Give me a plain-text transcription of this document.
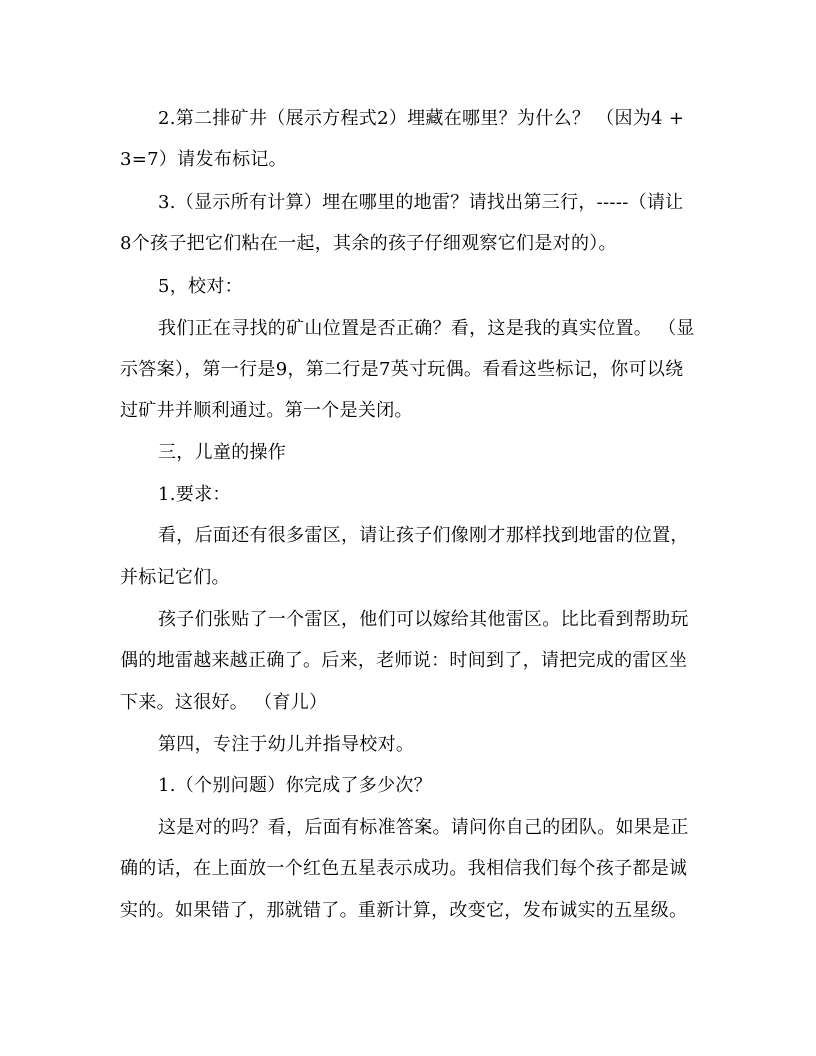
2.第二排矿井（展示方程式2）埋藏在哪里？为什么？ （因为4 +
3=7）请发布标记。
3.（显示所有计算）埋在哪里的地雷？请找出第三行，-----（请让
8个孩子把它们粘在一起，其余的孩子仔细观察它们是对的）。
5，校对：
我们正在寻找的矿山位置是否正确？看，这是我的真实位置。 （显
示答案），第一行是9，第二行是7英寸玩偶。看看这些标记，你可以绕
过矿井并顺利通过。第一个是关闭。
三，儿童的操作
1.要求：
看，后面还有很多雷区，请让孩子们像刚才那样找到地雷的位置，
并标记它们。
孩子们张贴了一个雷区，他们可以嫁给其他雷区。比比看到帮助玩
偶的地雷越来越正确了。后来，老师说：时间到了，请把完成的雷区坐
下来。这很好。 （育儿）
第四，专注于幼儿并指导校对。
1.（个别问题）你完成了多少次？
这是对的吗？看，后面有标准答案。请问你自己的团队。如果是正
确的话，在上面放一个红色五星表示成功。我相信我们每个孩子都是诚
实的。如果错了，那就错了。重新计算，改变它，发布诚实的五星级。
